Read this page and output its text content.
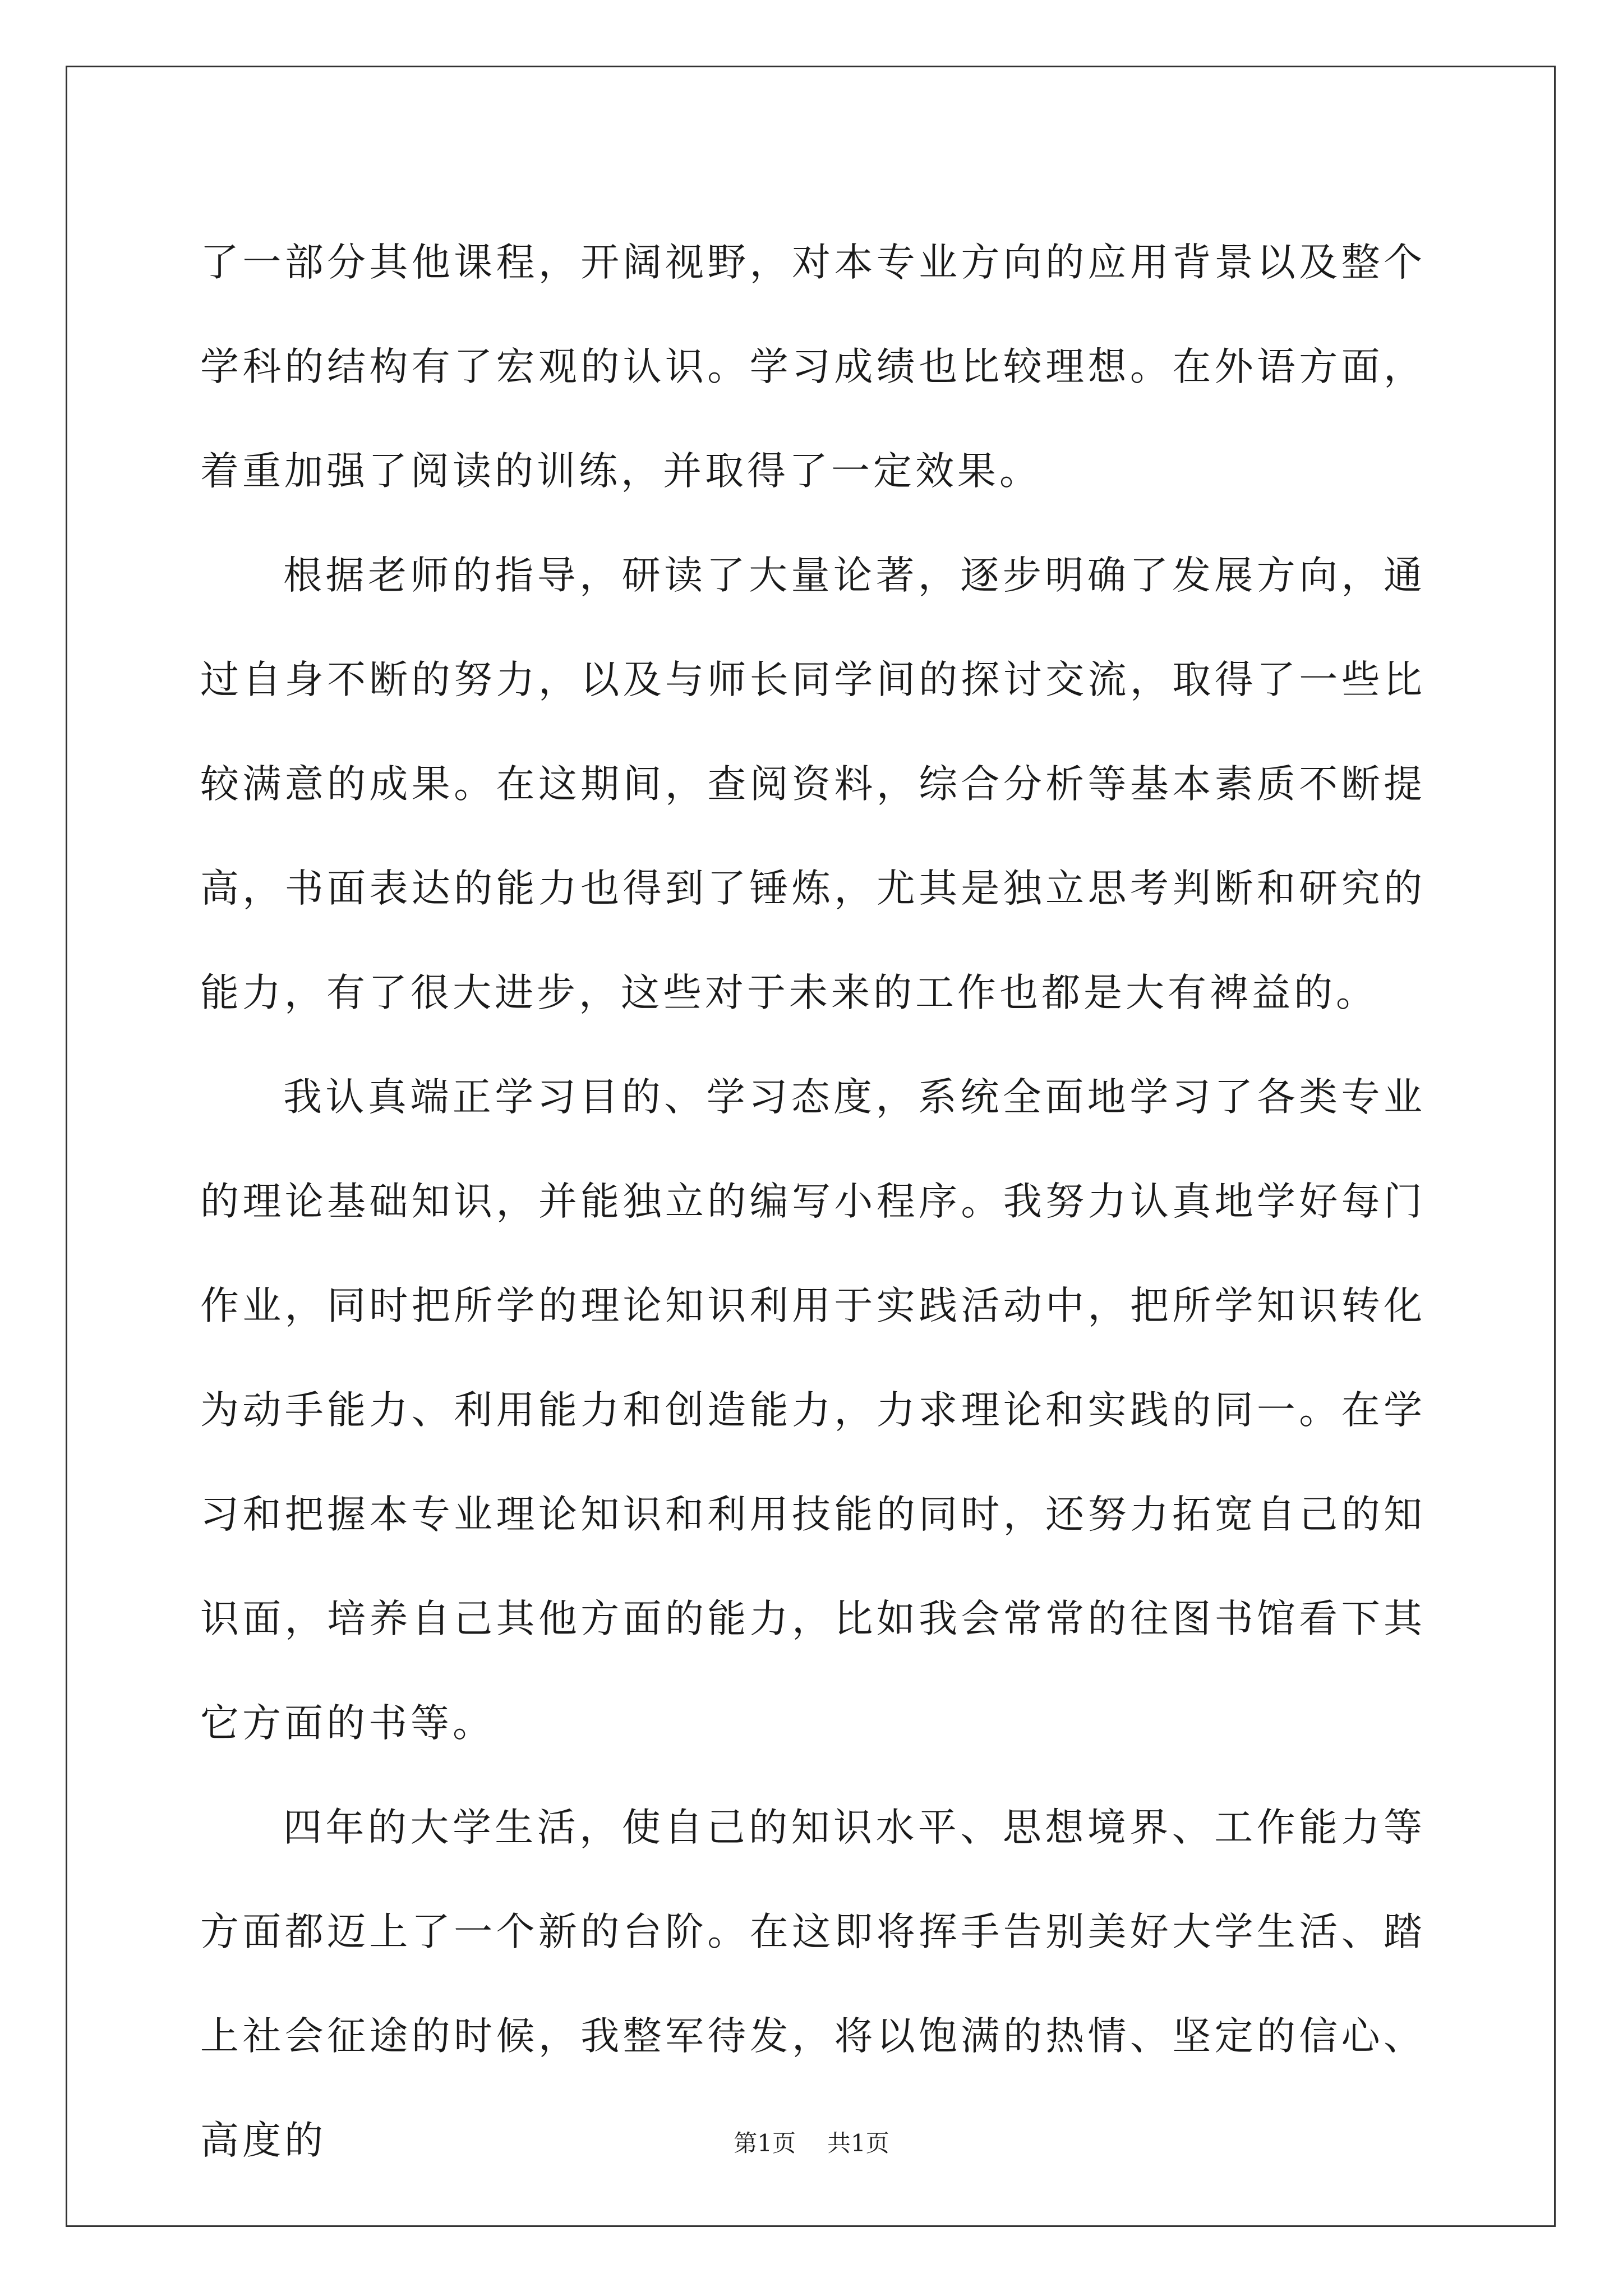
了一部分其他课程，开阔视野，对本专业方向的应用背景以及整个学科的结构有了宏观的认识。学习成绩也比较理想。在外语方面，着重加强了阅读的训练，并取得了一定效果。

根据老师的指导，研读了大量论著，逐步明确了发展方向，通过自身不断的努力，以及与师长同学间的探讨交流，取得了一些比较满意的成果。在这期间，查阅资料，综合分析等基本素质不断提高，书面表达的能力也得到了锤炼，尤其是独立思考判断和研究的能力，有了很大进步，这些对于未来的工作也都是大有裨益的。

我认真端正学习目的、学习态度，系统全面地学习了各类专业的理论基础知识，并能独立的编写小程序。我努力认真地学好每门作业，同时把所学的理论知识利用于实践活动中，把所学知识转化为动手能力、利用能力和创造能力，力求理论和实践的同一。在学习和把握本专业理论知识和利用技能的同时，还努力拓宽自己的知识面，培养自己其他方面的能力，比如我会常常的往图书馆看下其它方面的书等。

四年的大学生活，使自己的知识水平、思想境界、工作能力等方面都迈上了一个新的台阶。在这即将挥手告别美好大学生活、踏上社会征途的时候，我整军待发，将以饱满的热情、坚定的信心、高度的	第1页 共1页
